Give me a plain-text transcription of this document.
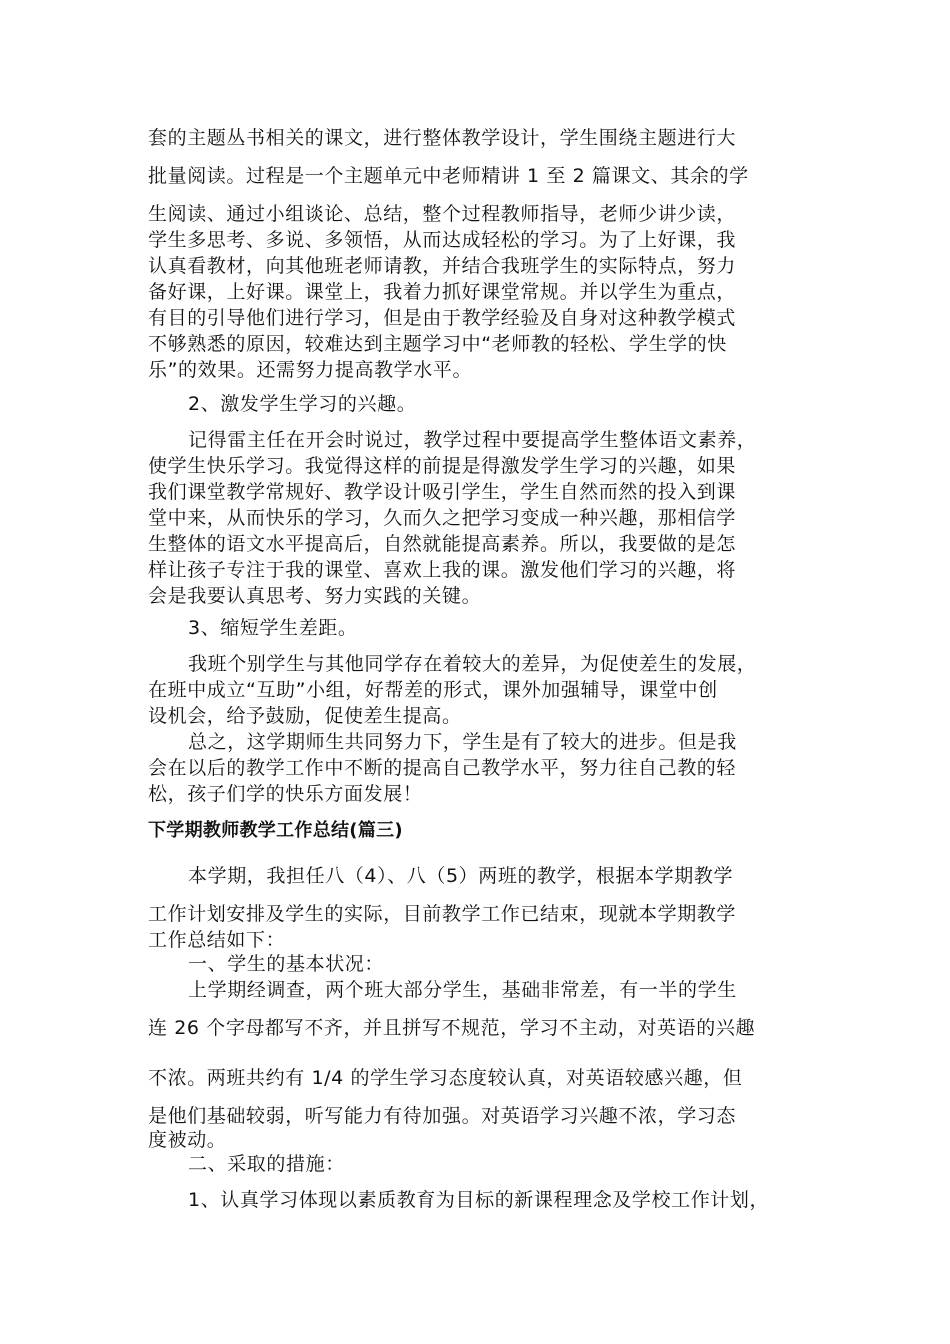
套的主题丛书相关的课文，进行整体教学设计，学生围绕主题进行大
批量阅读。过程是一个主题单元中老师精讲 1 至 2 篇课文、其余的学
生阅读、通过小组谈论、总结，整个过程教师指导，老师少讲少读，
学生多思考、多说、多领悟，从而达成轻松的学习。为了上好课，我
认真看教材，向其他班老师请教，并结合我班学生的实际特点，努力
备好课，上好课。课堂上，我着力抓好课堂常规。并以学生为重点，
有目的引导他们进行学习，但是由于教学经验及自身对这种教学模式
不够熟悉的原因，较难达到主题学习中“老师教的轻松、学生学的快
乐”的效果。还需努力提高教学水平。
2、激发学生学习的兴趣。
记得雷主任在开会时说过，教学过程中要提高学生整体语文素养，
使学生快乐学习。我觉得这样的前提是得激发学生学习的兴趣，如果
我们课堂教学常规好、教学设计吸引学生，学生自然而然的投入到课
堂中来，从而快乐的学习，久而久之把学习变成一种兴趣，那相信学
生整体的语文水平提高后，自然就能提高素养。所以，我要做的是怎
样让孩子专注于我的课堂、喜欢上我的课。激发他们学习的兴趣，将
会是我要认真思考、努力实践的关键。
3、缩短学生差距。
我班个别学生与其他同学存在着较大的差异，为促使差生的发展，
在班中成立“互助”小组，好帮差的形式，课外加强辅导，课堂中创
设机会，给予鼓励，促使差生提高。
总之，这学期师生共同努力下，学生是有了较大的进步。但是我
会在以后的教学工作中不断的提高自己教学水平，努力往自己教的轻
松，孩子们学的快乐方面发展！
下学期教师教学工作总结(篇三)
本学期，我担任八（4）、八（5）两班的教学，根据本学期教学
工作计划安排及学生的实际，目前教学工作已结束，现就本学期教学
工作总结如下：
一、学生的基本状况：
上学期经调查，两个班大部分学生，基础非常差，有一半的学生
连 26 个字母都写不齐，并且拼写不规范，学习不主动，对英语的兴趣
不浓。两班共约有 1/4 的学生学习态度较认真，对英语较感兴趣，但
是他们基础较弱，听写能力有待加强。对英语学习兴趣不浓，学习态
度被动。
二、采取的措施：
1、认真学习体现以素质教育为目标的新课程理念及学校工作计划，
